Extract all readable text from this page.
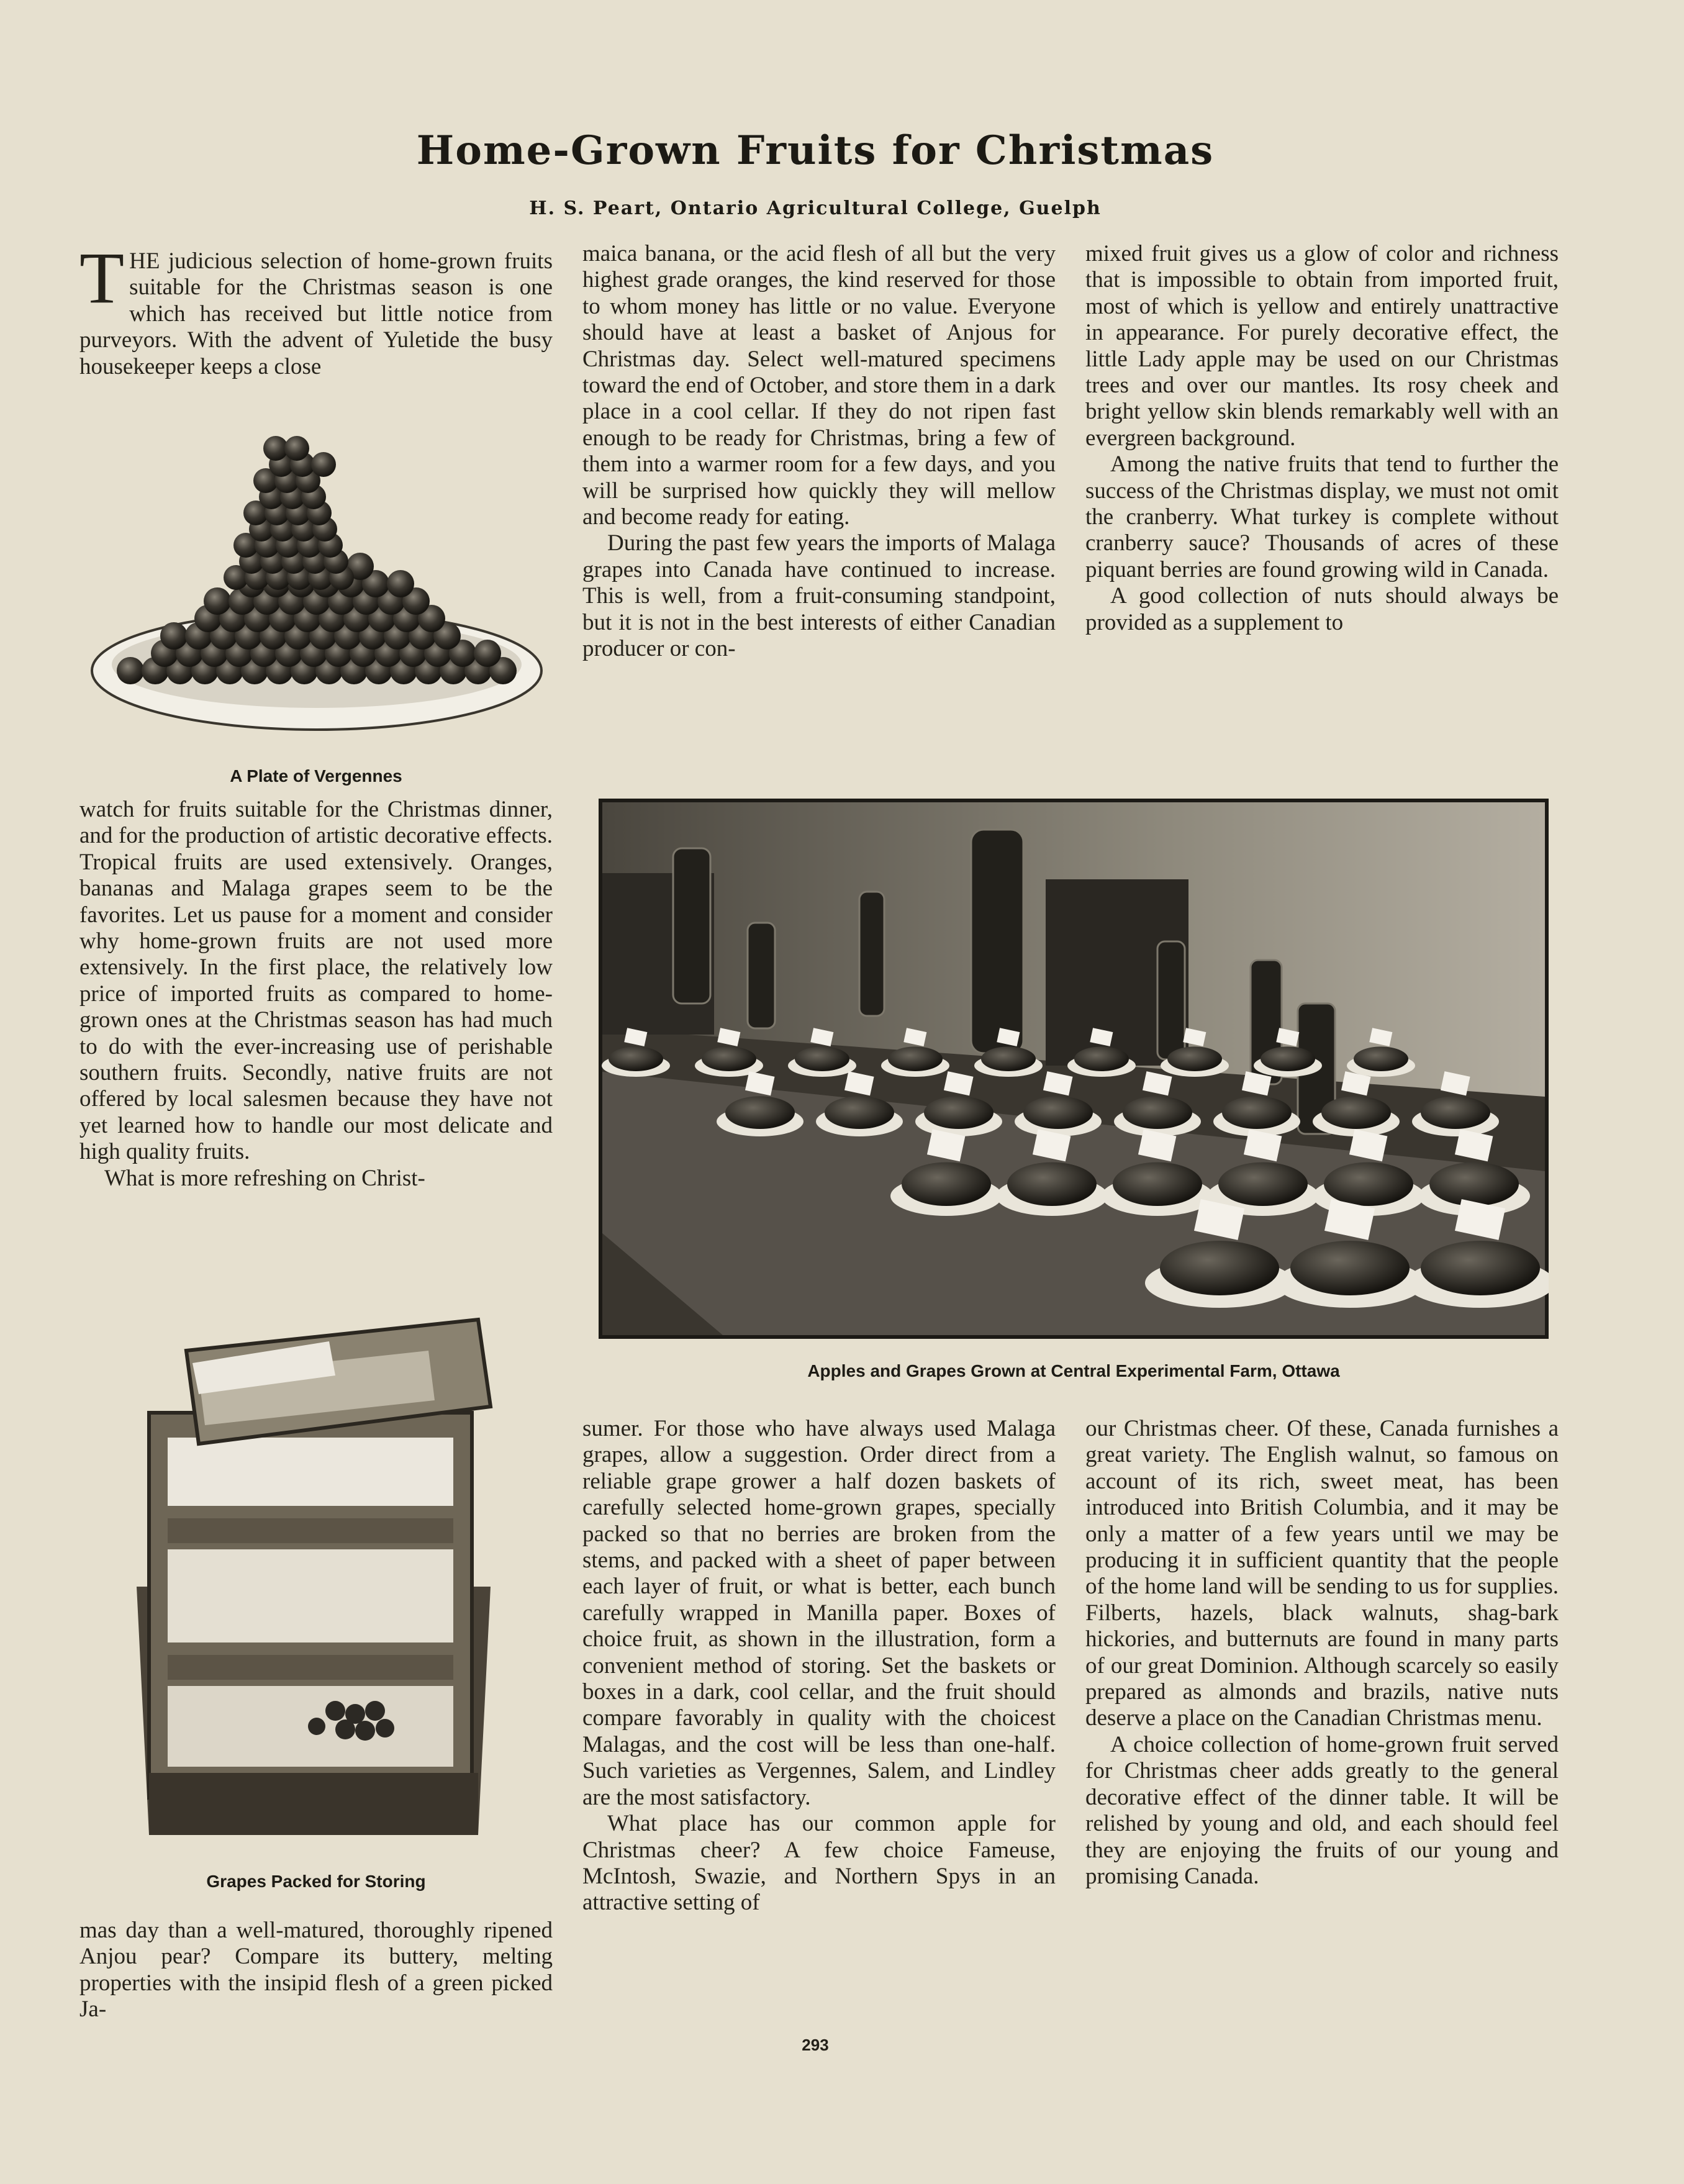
Home-Grown Fruits for Christmas
H. S. Peart, Ontario Agricultural College, Guelph

THE judicious selection of home-grown fruits suitable for the Christmas season is one which has received but little notice from purveyors. With the advent of Yuletide the busy housekeeper keeps a close

A Plate of Vergennes

watch for fruits suitable for the Christmas dinner, and for the production of artistic decorative effects. Tropical fruits are used extensively. Oranges, bananas and Malaga grapes seem to be the favorites. Let us pause for a moment and consider why home-grown fruits are not used more extensively. In the first place, the relatively low price of imported fruits as compared to home-grown ones at the Christmas season has had much to do with the ever-increasing use of perishable southern fruits. Secondly, native fruits are not offered by local salesmen because they have not yet learned how to handle our most delicate and high quality fruits.

What is more refreshing on Christ-

Grapes Packed for Storing

mas day than a well-matured, thoroughly ripened Anjou pear? Compare its buttery, melting properties with the insipid flesh of a green picked Ja-

maica banana, or the acid flesh of all but the very highest grade oranges, the kind reserved for those to whom money has little or no value. Everyone should have at least a basket of Anjous for Christmas day. Select well-matured specimens toward the end of October, and store them in a dark place in a cool cellar. If they do not ripen fast enough to be ready for Christmas, bring a few of them into a warmer room for a few days, and you will be surprised how quickly they will mellow and become ready for eating.

During the past few years the imports of Malaga grapes into Canada have continued to increase. This is well, from a fruit-consuming standpoint, but it is not in the best interests of either Canadian producer or con-

mixed fruit gives us a glow of color and richness that is impossible to obtain from imported fruit, most of which is yellow and entirely unattractive in appearance. For purely decorative effect, the little Lady apple may be used on our Christmas trees and over our mantles. Its rosy cheek and bright yellow skin blends remarkably well with an evergreen background.

Among the native fruits that tend to further the success of the Christmas display, we must not omit the cranberry. What turkey is complete without cranberry sauce? Thousands of acres of these piquant berries are found growing wild in Canada.

A good collection of nuts should always be provided as a supplement to

Apples and Grapes Grown at Central Experimental Farm, Ottawa

sumer. For those who have always used Malaga grapes, allow a suggestion. Order direct from a reliable grape grower a half dozen baskets of carefully selected home-grown grapes, specially packed so that no berries are broken from the stems, and packed with a sheet of paper between each layer of fruit, or what is better, each bunch carefully wrapped in Manilla paper. Boxes of choice fruit, as shown in the illustration, form a convenient method of storing. Set the baskets or boxes in a dark, cool cellar, and the fruit should compare favorably in quality with the choicest Malagas, and the cost will be less than one-half. Such varieties as Vergennes, Salem, and Lindley are the most satisfactory.

What place has our common apple for Christmas cheer? A few choice Fameuse, McIntosh, Swazie, and Northern Spys in an attractive setting of

our Christmas cheer. Of these, Canada furnishes a great variety. The English walnut, so famous on account of its rich, sweet meat, has been introduced into British Columbia, and it may be only a matter of a few years until we may be producing it in sufficient quantity that the people of the home land will be sending to us for supplies. Filberts, hazels, black walnuts, shag-bark hickories, and butternuts are found in many parts of our great Dominion. Although scarcely so easily prepared as almonds and brazils, native nuts deserve a place on the Canadian Christmas menu.

A choice collection of home-grown fruit served for Christmas cheer adds greatly to the general decorative effect of the dinner table. It will be relished by young and old, and each should feel they are enjoying the fruits of our young and promising Canada.

293
